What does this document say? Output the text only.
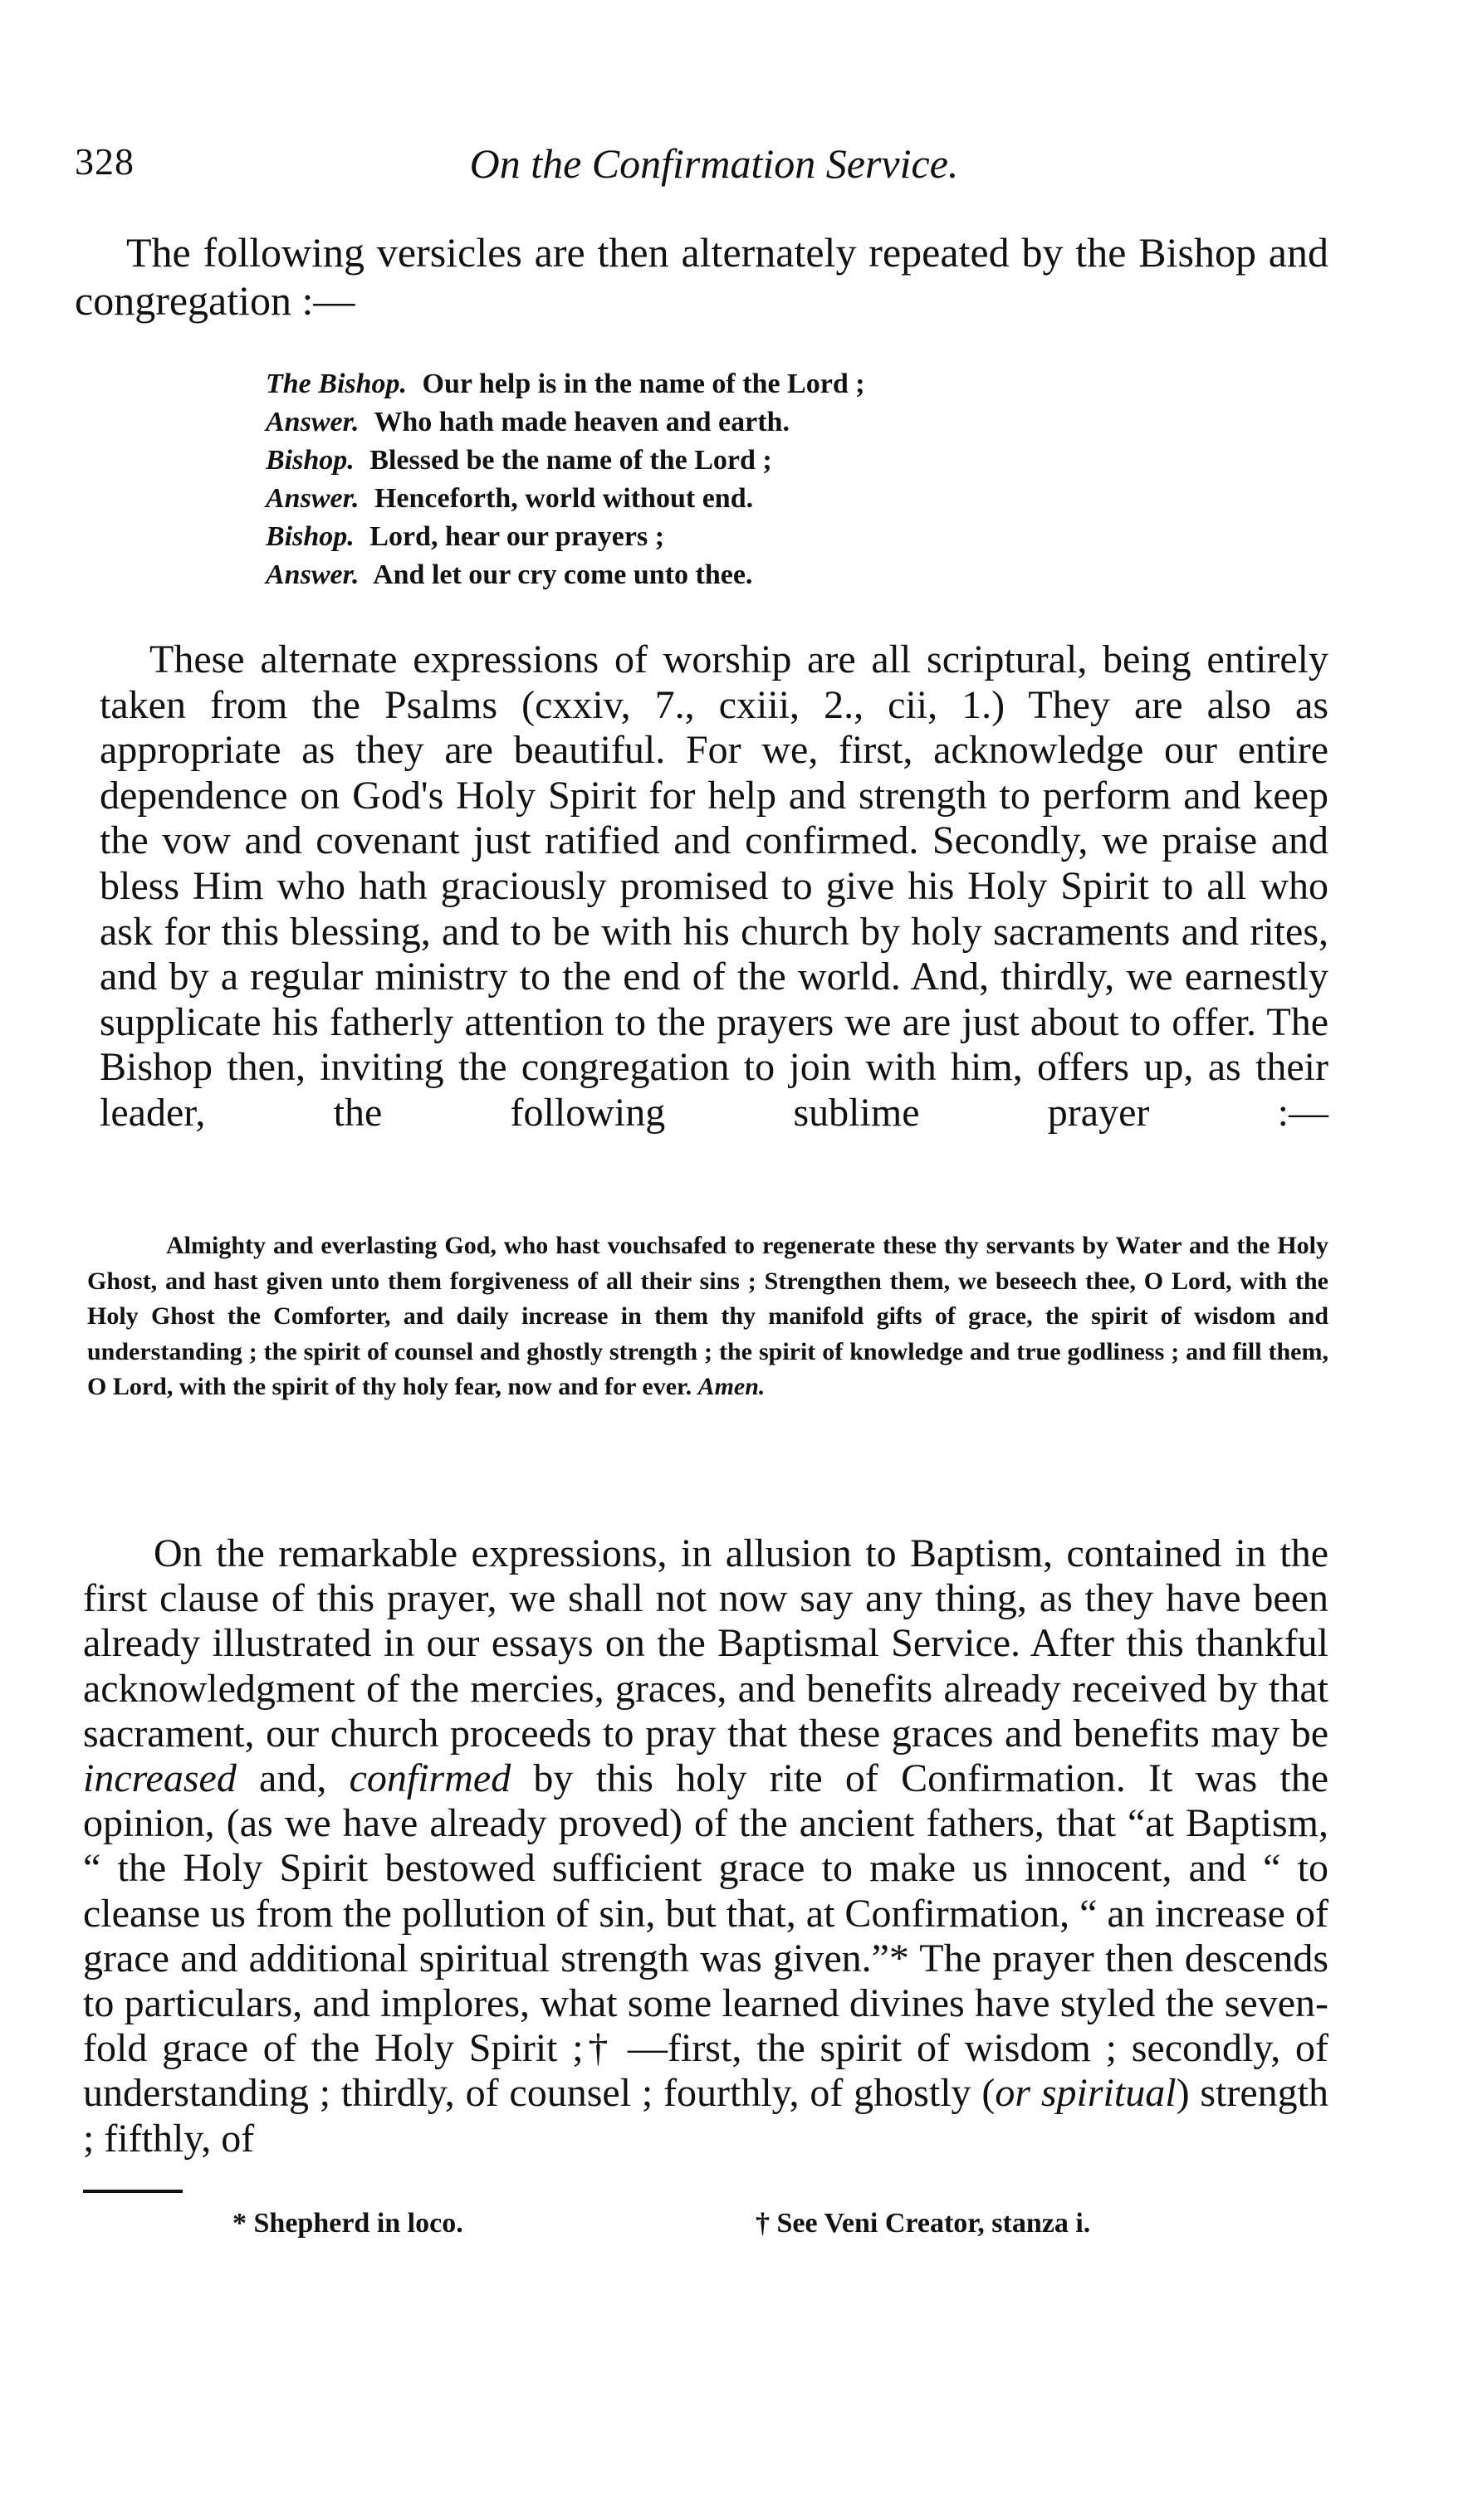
328	On the Confirmation Service.

The following versicles are then alternately repeated by the Bishop and congregation :—

The Bishop. Our help is in the name of the Lord ;
Answer. Who hath made heaven and earth.
Bishop. Blessed be the name of the Lord ;
Answer. Henceforth, world without end.
Bishop. Lord, hear our prayers ;
Answer. And let our cry come unto thee.

These alternate expressions of worship are all scriptural, being entirely taken from the Psalms (cxxiv, 7., cxiii, 2., cii, 1.) They are also as appropriate as they are beautiful. For we, first, acknowledge our entire dependence on God's Holy Spirit for help and strength to perform and keep the vow and covenant just ratified and confirmed. Secondly, we praise and bless Him who hath graciously promised to give his Holy Spirit to all who ask for this blessing, and to be with his church by holy sacraments and rites, and by a regular ministry to the end of the world. And, thirdly, we earnestly supplicate his fatherly attention to the prayers we are just about to offer. The Bishop then, inviting the congregation to join with him, offers up, as their leader, the following sublime prayer :—

Almighty and everlasting God, who hast vouchsafed to regenerate these thy servants by Water and the Holy Ghost, and hast given unto them forgiveness of all their sins ; Strengthen them, we beseech thee, O Lord, with the Holy Ghost the Comforter, and daily increase in them thy manifold gifts of grace, the spirit of wisdom and understanding ; the spirit of counsel and ghostly strength ; the spirit of knowledge and true godliness ; and fill them, O Lord, with the spirit of thy holy fear, now and for ever. Amen.

On the remarkable expressions, in allusion to Baptism, contained in the first clause of this prayer, we shall not now say any thing, as they have been already illustrated in our essays on the Baptismal Service. After this thankful acknowledgment of the mercies, graces, and benefits already received by that sacrament, our church proceeds to pray that these graces and benefits may be increased and, confirmed by this holy rite of Confirmation. It was the opinion, (as we have already proved) of the ancient fathers, that “at Baptism, “ the Holy Spirit bestowed sufficient grace to make us innocent, and “ to cleanse us from the pollution of sin, but that, at Confirmation, “ an increase of grace and additional spiritual strength was given.”* The prayer then descends to particulars, and implores, what some learned divines have styled the seven-fold grace of the Holy Spirit ;† —first, the spirit of wisdom ; secondly, of understanding ; thirdly, of counsel ; fourthly, of ghostly (or spiritual) strength ; fifthly, of

* Shepherd in loco.	† See Veni Creator, stanza i.
